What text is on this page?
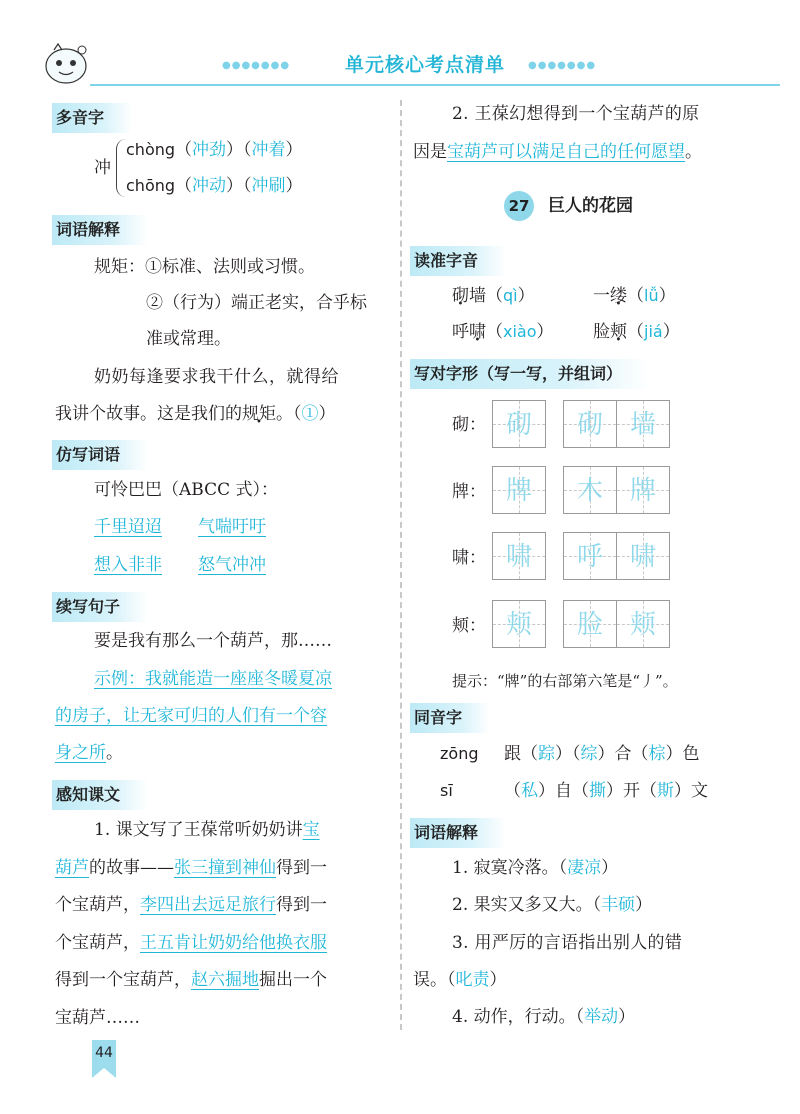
●●●●●●●	单元核心考点清单	●●●●●●●
多音字
冲
chòng（冲劲）（冲着）
chōng（冲动）（冲刷）
词语解释
规矩：①标准、法则或习惯。
②（行为）端正老实，合乎标
准或常理。
奶奶每逢要求我干什么，就得给
我讲个故事。这是我们的规矩。（①）
仿写词语
可怜巴巴（ABCC 式）：
千里迢迢 气喘吁吁
想入非非 怒气冲冲
续写句子
要是我有那么一个葫芦，那……
示例：我就能造一座座冬暖夏凉
的房子，让无家可归的人们有一个容
身之所。
感知课文
1. 课文写了王葆常听奶奶讲宝
葫芦的故事——张三撞到神仙得到一
个宝葫芦，李四出去远足旅行得到一
个宝葫芦，王五肯让奶奶给他换衣服
得到一个宝葫芦，赵六掘地掘出一个
宝葫芦……
44
2. 王葆幻想得到一个宝葫芦的原
因是宝葫芦可以满足自己的任何愿望。
27 巨人的花园
读准字音
砌墙（qì）	一缕（lǚ）
呼啸（xiào） 脸颊（jiá）
写对字形（写一写，并组词）
砌： 砌	砌	墙
牌： 牌	木	牌
啸： 啸	呼	啸
颊： 颊	脸	颊
提示：“牌”的右部第六笔是“丿”。
同音字
zōng 跟（踪）（综）合（棕）色
sī	（私）自（撕）开（斯）文
词语解释
1. 寂寞冷落。（凄凉）
2. 果实又多又大。（丰硕）
3. 用严厉的言语指出别人的错
误。（叱责）
4. 动作，行动。（举动）
